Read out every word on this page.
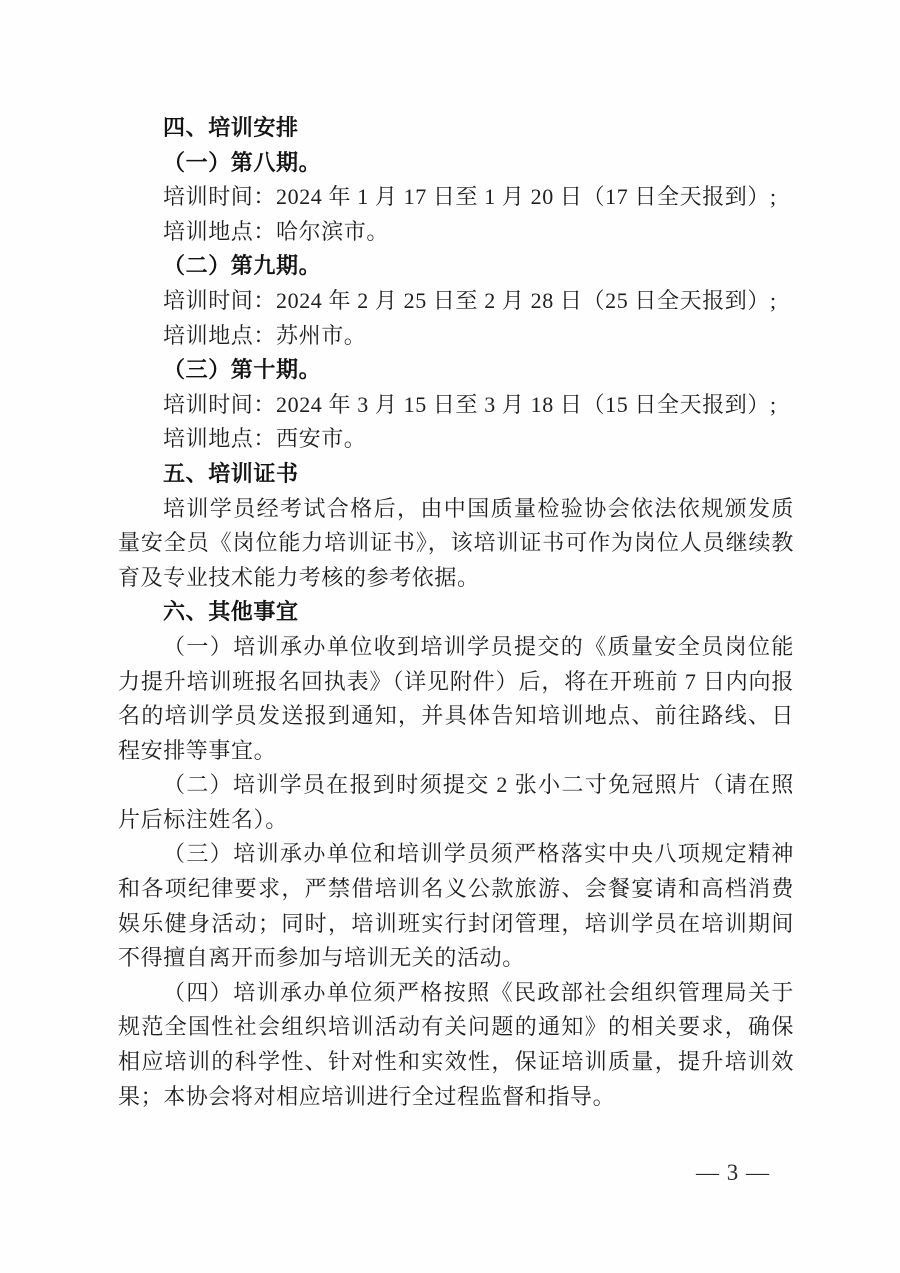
四、培训安排

（一）第八期。

培训时间：2024 年 1 月 17 日至 1 月 20 日（17 日全天报到）;

培训地点：哈尔滨市。

（二）第九期。

培训时间：2024 年 2 月 25 日至 2 月 28 日（25 日全天报到）;

培训地点：苏州市。

（三）第十期。

培训时间：2024 年 3 月 15 日至 3 月 18 日（15 日全天报到）;

培训地点：西安市。

五、培训证书

培训学员经考试合格后，由中国质量检验协会依法依规颁发质量安全员《岗位能力培训证书》，该培训证书可作为岗位人员继续教育及专业技术能力考核的参考依据。

六、其他事宜

（一）培训承办单位收到培训学员提交的《质量安全员岗位能力提升培训班报名回执表》（详见附件）后，将在开班前 7 日内向报名的培训学员发送报到通知，并具体告知培训地点、前往路线、日程安排等事宜。

（二）培训学员在报到时须提交 2 张小二寸免冠照片（请在照片后标注姓名）。

（三）培训承办单位和培训学员须严格落实中央八项规定精神和各项纪律要求，严禁借培训名义公款旅游、会餐宴请和高档消费娱乐健身活动；同时，培训班实行封闭管理，培训学员在培训期间不得擅自离开而参加与培训无关的活动。

（四）培训承办单位须严格按照《民政部社会组织管理局关于规范全国性社会组织培训活动有关问题的通知》的相关要求，确保相应培训的科学性、针对性和实效性，保证培训质量，提升培训效果；本协会将对相应培训进行全过程监督和指导。

— 3 —
